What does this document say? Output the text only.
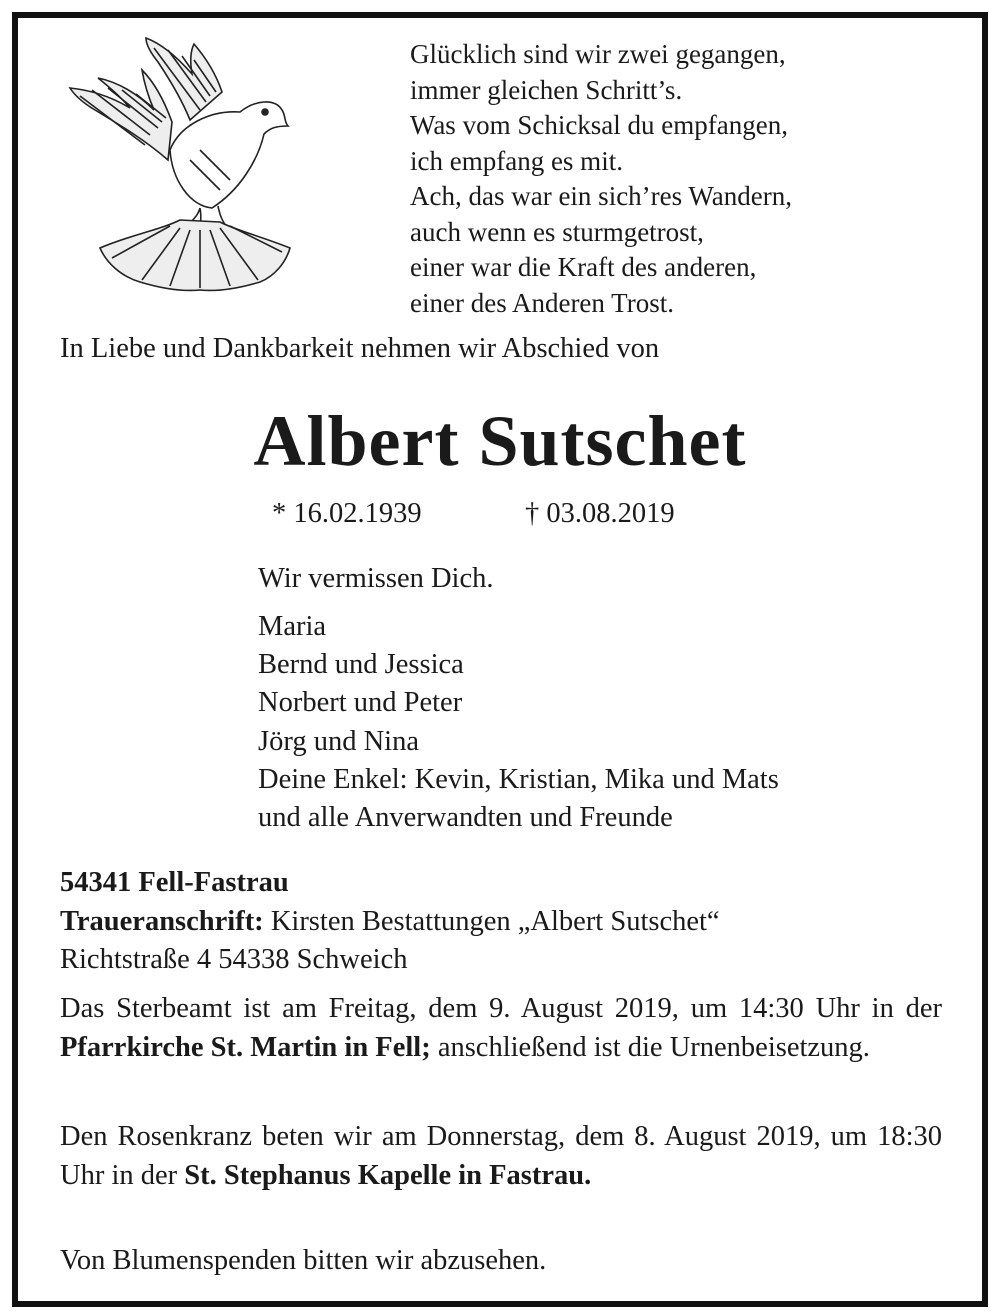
Glücklich sind wir zwei gegangen,
immer gleichen Schritt’s.
Was vom Schicksal du empfangen,
ich empfang es mit.
Ach, das war ein sich’res Wandern,
auch wenn es sturmgetrost,
einer war die Kraft des anderen,
einer des Anderen Trost.
In Liebe und Dankbarkeit nehmen wir Abschied von
Albert Sutschet
* 16.02.1939	† 03.08.2019
Wir vermissen Dich.
Maria
Bernd und Jessica
Norbert und Peter
Jörg und Nina
Deine Enkel: Kevin, Kristian, Mika und Mats
und alle Anverwandten und Freunde
54341 Fell-Fastrau
Traueranschrift: Kirsten Bestattungen „Albert Sutschet“
Richtstraße 4 54338 Schweich
Das Sterbeamt ist am Freitag, dem 9. August 2019, um 14:30 Uhr in der Pfarrkirche St. Martin in Fell; anschließend ist die Urnenbeisetzung.
Den Rosenkranz beten wir am Donnerstag, dem 8. August 2019, um 18:30 Uhr in der St. Stephanus Kapelle in Fastrau.
Von Blumenspenden bitten wir abzusehen.
